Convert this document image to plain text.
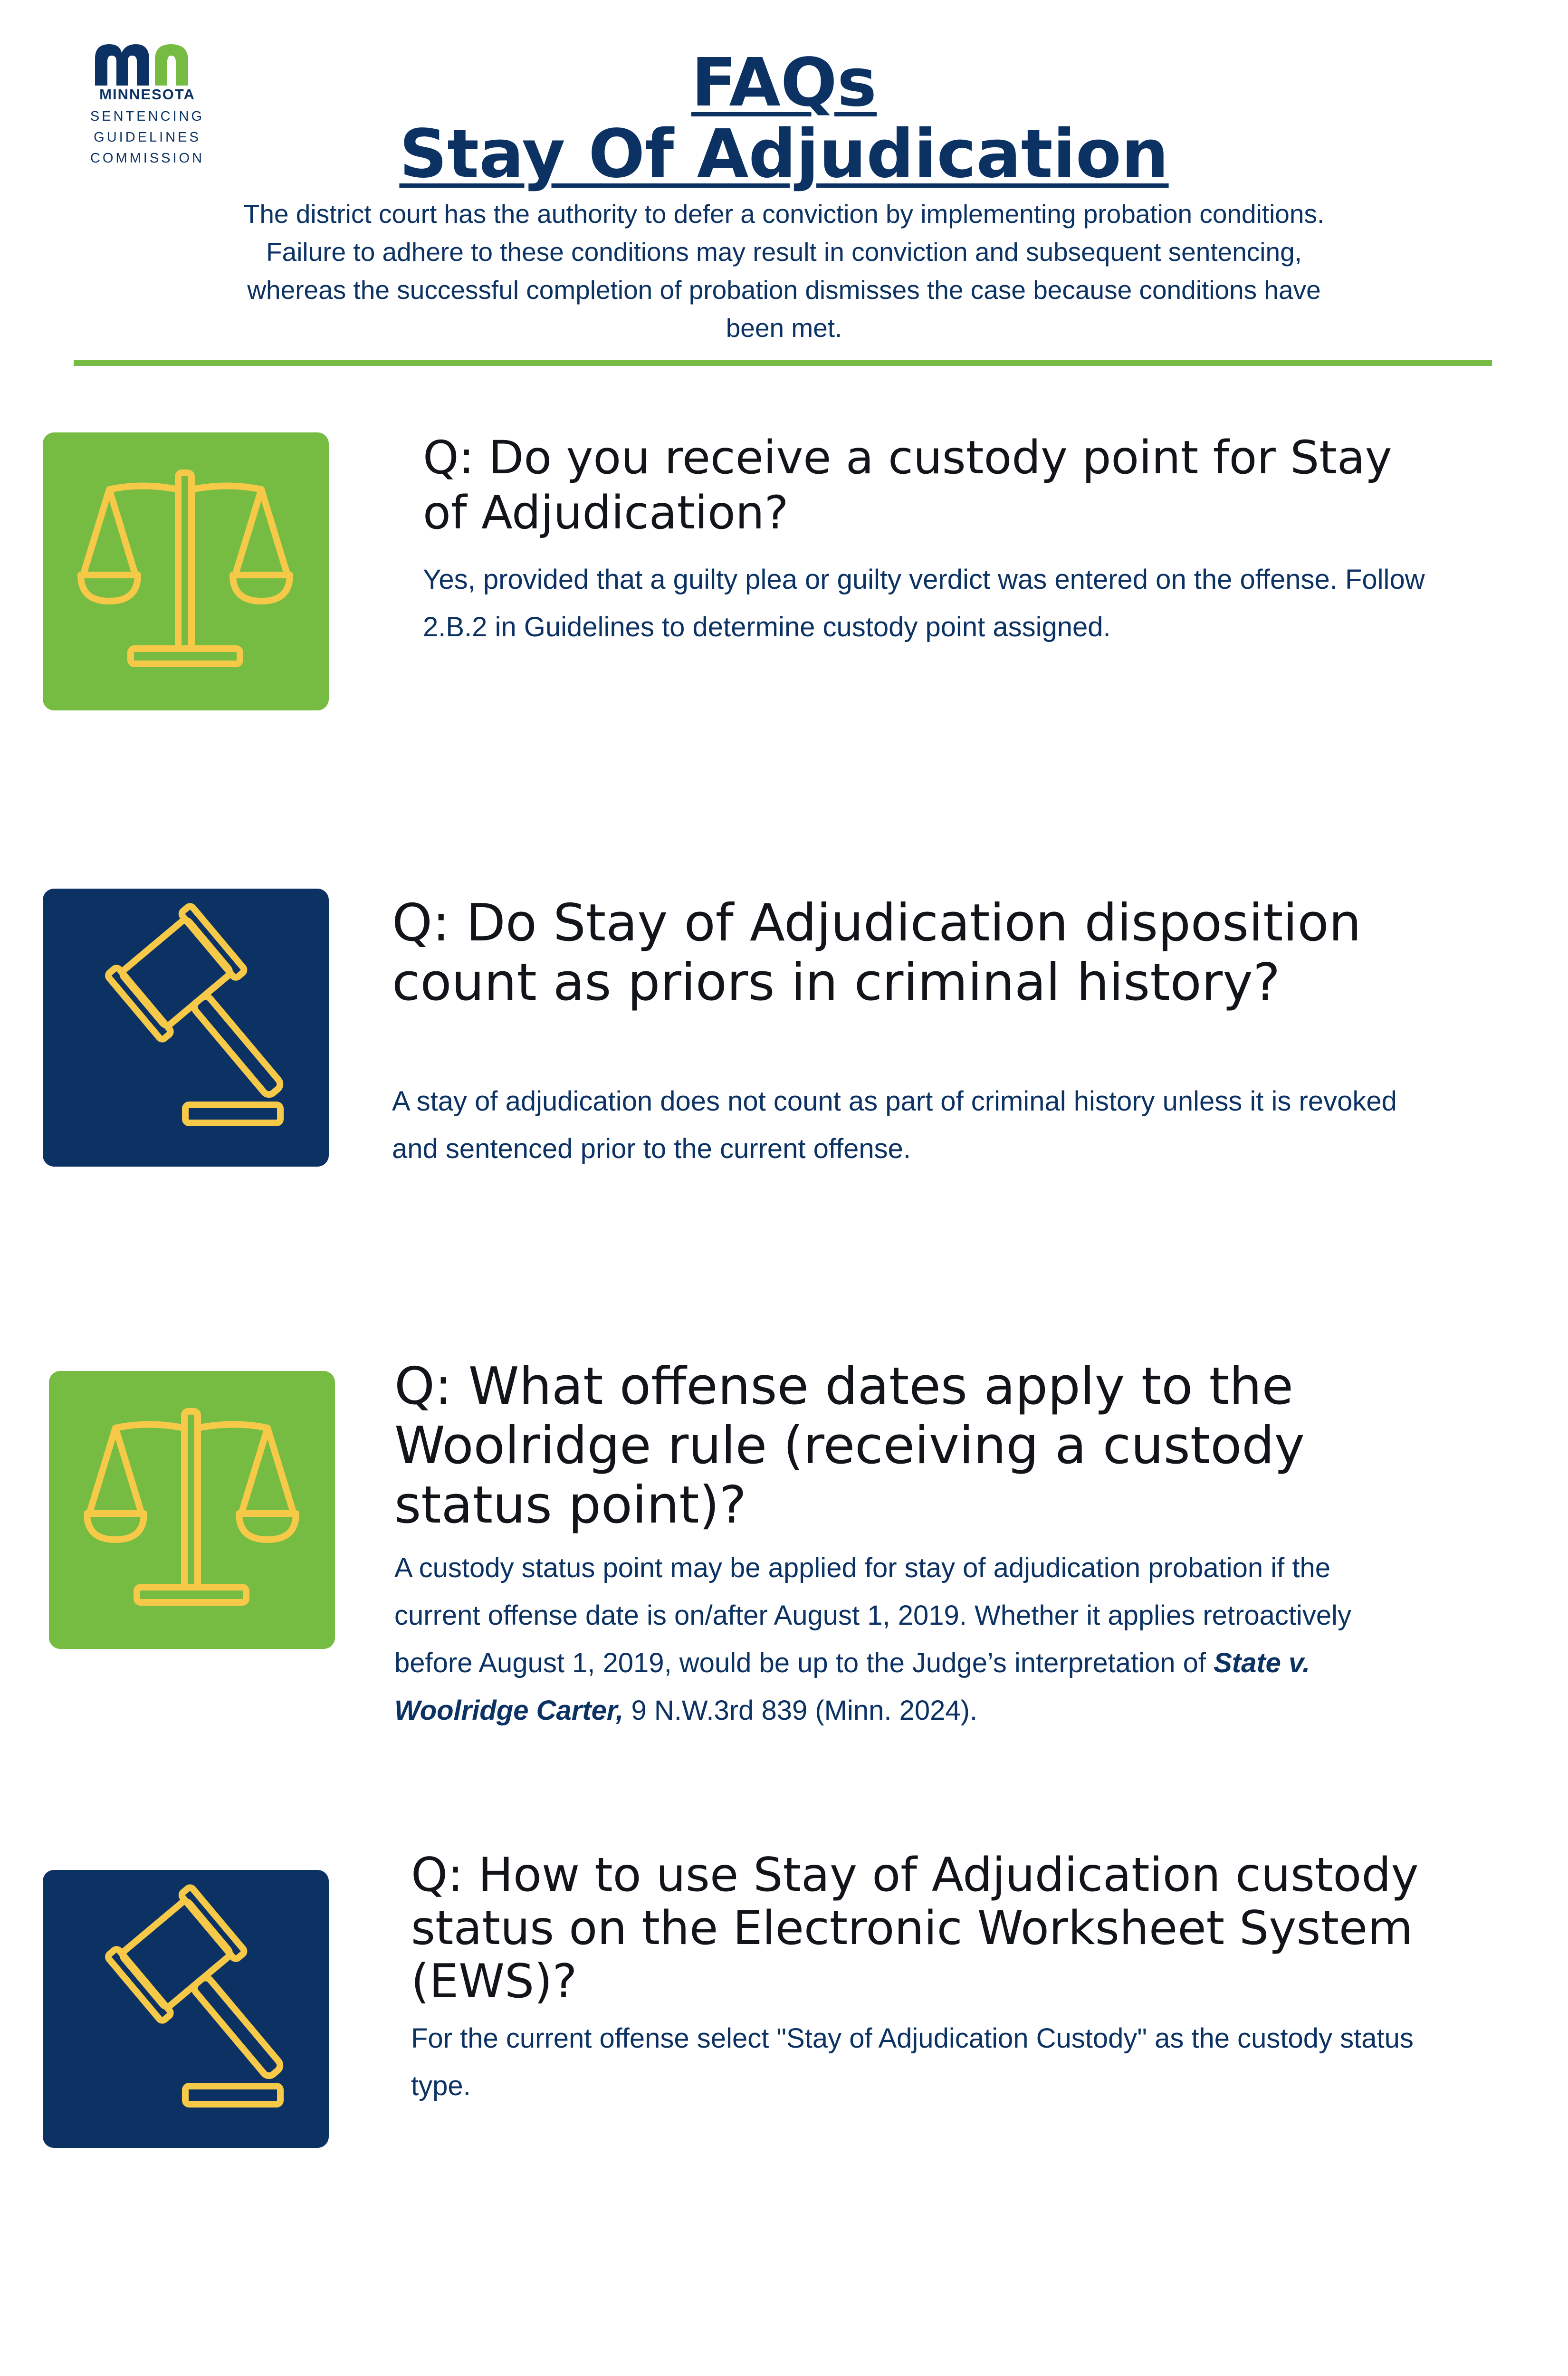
MINNESOTA
SENTENCING GUIDELINES
COMMISSION
FAQs
Stay Of Adjudication
The district court has the authority to defer a conviction by implementing probation conditions. Failure to adhere to these conditions may result in conviction and subsequent sentencing, whereas the successful completion of probation dismisses the case because conditions have been met.
Q: Do you receive a custody point for Stay of Adjudication?
Yes, provided that a guilty plea or guilty verdict was entered on the offense. Follow 2.B.2 in Guidelines to determine custody point assigned.
Q: Do Stay of Adjudication disposition count as priors in criminal history?
A stay of adjudication does not count as part of criminal history unless it is revoked and sentenced prior to the current offense.
Q: What offense dates apply to the Woolridge rule (receiving a custody status point)?
A custody status point may be applied for stay of adjudication probation if the current offense date is on/after August 1, 2019. Whether it applies retroactively before August 1, 2019, would be up to the Judge’s interpretation of State v. Woolridge Carter, 9 N.W.3rd 839 (Minn. 2024).
Q: How to use Stay of Adjudication custody status on the Electronic Worksheet System (EWS)?
For the current offense select "Stay of Adjudication Custody" as the custody status type.
